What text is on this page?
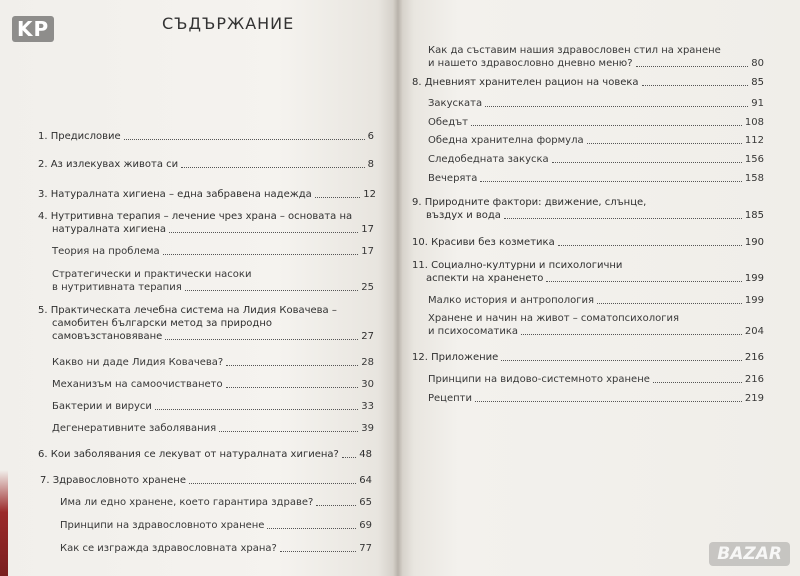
KP
BAZAR
СЪДЪРЖАНИЕ
1. Предисловие	6
2. Аз излекувах живота си	8
3. Натуралната хигиена – една забравена надежда	12
4. Нутритивна терапия – лечение чрез храна – основата на
натуралната хигиена	17
Теория на проблема	17
Стратегически и практически насоки
в нутритивната терапия	25
5. Практическата лечебна система на Лидия Ковачева –
самобитен български метод за природно
самовъзстановяване	27
Какво ни даде Лидия Ковачева?	28
Механизъм на самоочистването	30
Бактерии и вируси	33
Дегенеративните заболявания	39
6. Кои заболявания се лекуват от натуралната хигиена? 48
7. Здравословното хранене	64
Има ли едно хранене, което гарантира здраве?	65
Принципи на здравословното хранене	69
Как се изгражда здравословната храна?	77
Как да съставим нашия здравословен стил на хранене
и нашето здравословно дневно меню?	80
8. Дневният хранителен рацион на човека	85
Закуската	91
Обедът	108
Обедна хранителна формула	112
Следобедната закуска	156
Вечерята	158
9. Природните фактори: движение, слънце,
въздух и вода	185
10. Красиви без козметика	190
11. Социално-културни и психологични
аспекти на храненето	199
Малко история и антропология	199
Хранене и начин на живот – соматопсихология
и психосоматика	204
12. Приложение	216
Принципи на видово-системното хранене	216
Рецепти	219
